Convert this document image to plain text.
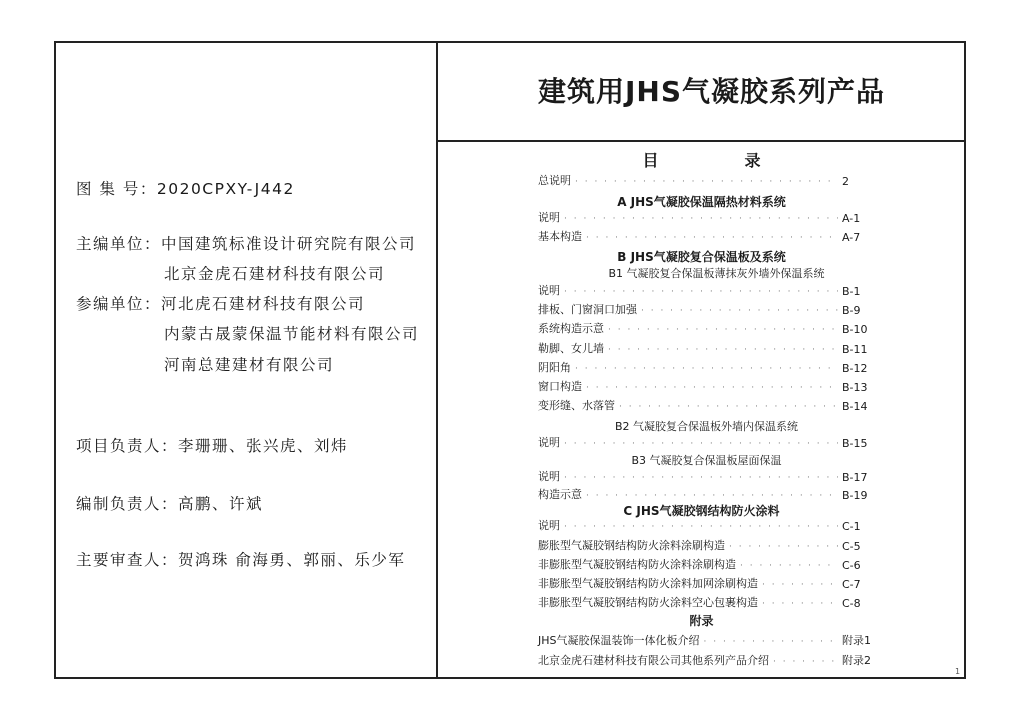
建筑用JHS气凝胶系列产品
图 集 号：2020CPXY-J442
主编单位：中国建筑标准设计研究院有限公司
北京金虎石建材科技有限公司
参编单位：河北虎石建材科技有限公司
内蒙古晟蒙保温节能材料有限公司
河南总建建材有限公司
项目负责人：李珊珊、张兴虎、刘炜
编制负责人：高鹏、许斌
主要审查人：贺鸿珠 俞海勇、郭丽、乐少军
目	录
总说明 · · ·	2
A JHS气凝胶保温隔热材料系统
说明 · · ·	A-1
基本构造 · · ·	A-7
B JHS气凝胶复合保温板及系统
B1 气凝胶复合保温板薄抹灰外墙外保温系统
说明 · · ·	B-1
排板、门窗洞口加强 · · ·	B-9
系统构造示意 · · ·	B-10
勒脚、女儿墙 · · ·	B-11
阴阳角 · · ·	B-12
窗口构造 · · ·	B-13
变形缝、水落管 · · ·	B-14
B2 气凝胶复合保温板外墙内保温系统
说明 · · ·	B-15
B3 气凝胶复合保温板屋面保温
说明 · · ·	B-17
构造示意 · · ·	B-19
C JHS气凝胶钢结构防火涂料
说明 · · ·	C-1
膨胀型气凝胶钢结构防火涂料涂刷构造 · · ·	C-5
非膨胀型气凝胶钢结构防火涂料涂刷构造 · · ·	C-6
非膨胀型气凝胶钢结构防火涂料加网涂刷构造 · · ·	C-7
非膨胀型气凝胶钢结构防火涂料空心包裹构造 · · ·	C-8
附录
JHS气凝胶保温装饰一体化板介绍 · · ·	附录1
北京金虎石建材科技有限公司其他系列产品介绍 · · ·	附录2
1
